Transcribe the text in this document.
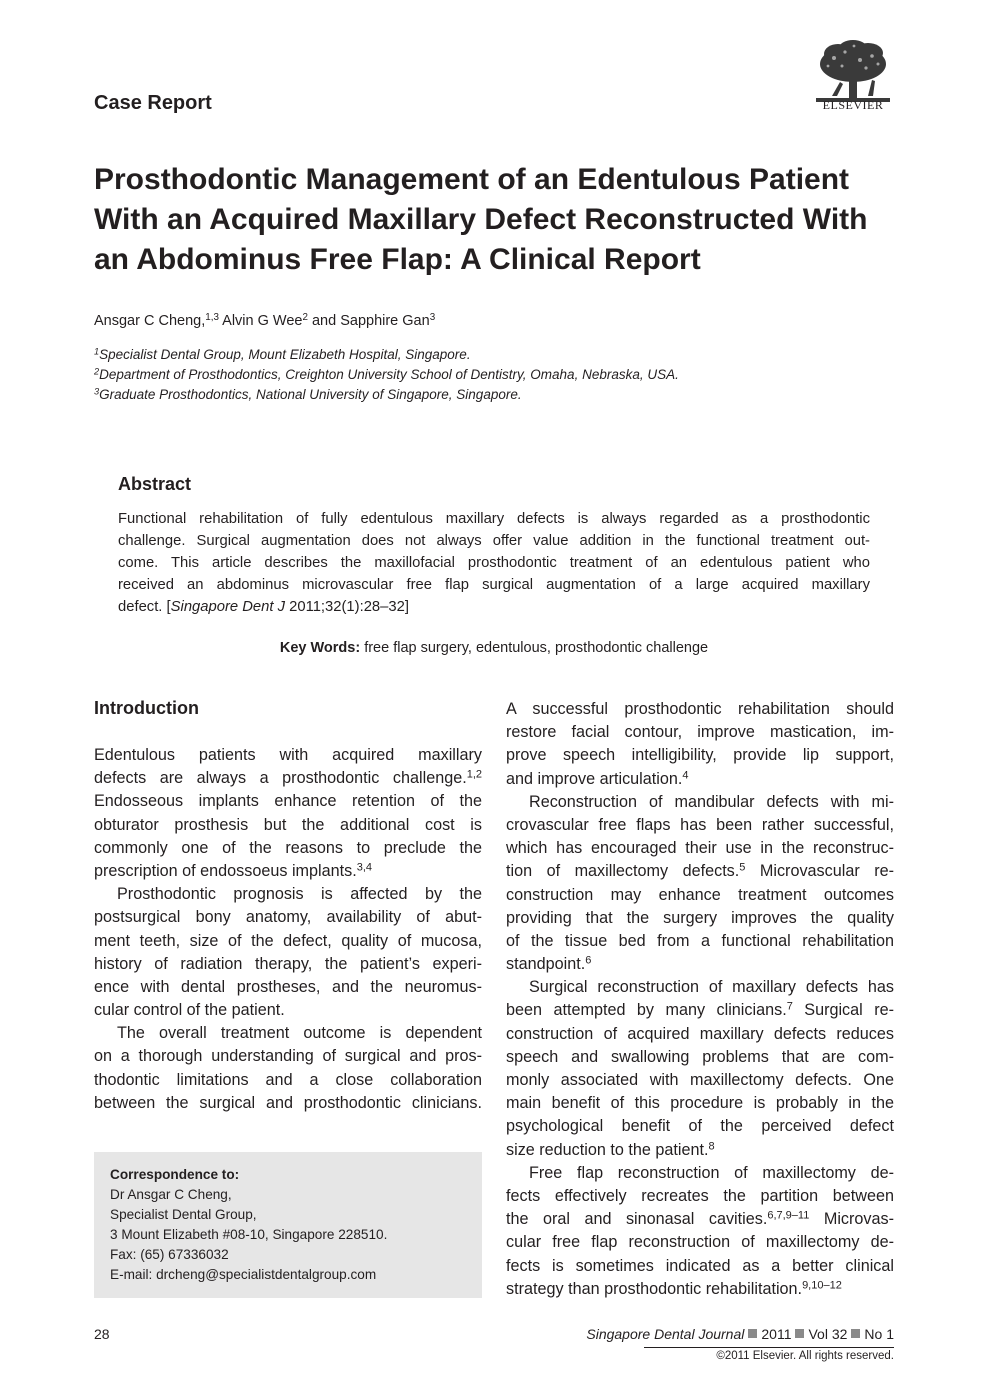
Case Report	ELSEVIER
Prosthodontic Management of an Edentulous Patient
With an Acquired Maxillary Defect Reconstructed With
an Abdominus Free Flap: A Clinical Report
Ansgar C Cheng,$^{1,3}$ Alvin G Wee$^2$ and Sapphire Gan$^3$
$^1$Specialist Dental Group, Mount Elizabeth Hospital, Singapore.
$^2$Department of Prosthodontics, Creighton University School of Dentistry, Omaha, Nebraska, USA.
$^3$Graduate Prosthodontics, National University of Singapore, Singapore.
Abstract
Functional rehabilitation of fully edentulous maxillary defects is always regarded as a prosthodontic
challenge. Surgical augmentation does not always offer value addition in the functional treatment out-
come. This article describes the maxillofacial prosthodontic treatment of an edentulous patient who
received an abdominus microvascular free flap surgical augmentation of a large acquired maxillary
defect. [Singapore Dent J 2011;32(1):28–32]
Key Words: free flap surgery, edentulous, prosthodontic challenge
Introduction
Edentulous patients with acquired maxillary
defects are always a prosthodontic challenge.$^{1,2}$
Endosseous implants enhance retention of the
obturator prosthesis but the additional cost is
commonly one of the reasons to preclude the
prescription of endossoeus implants.$^{3,4}$
Prosthodontic prognosis is affected by the
postsurgical bony anatomy, availability of abut-
ment teeth, size of the defect, quality of mucosa,
history of radiation therapy, the patient’s experi-
ence with dental prostheses, and the neuromus-
cular control of the patient.
The overall treatment outcome is dependent
on a thorough understanding of surgical and pros-
thodontic limitations and a close collaboration
between the surgical and prosthodontic clinicians.
Correspondence to:
Dr Ansgar C Cheng,
Specialist Dental Group,
3 Mount Elizabeth #08-10, Singapore 228510.
Fax: (65) 67336032
E-mail: drcheng@specialistdentalgroup.com
A successful prosthodontic rehabilitation should
restore facial contour, improve mastication, im-
prove speech intelligibility, provide lip support,
and improve articulation.$^4$
Reconstruction of mandibular defects with mi-
crovascular free flaps has been rather successful,
which has encouraged their use in the reconstruc-
tion of maxillectomy defects.$^5$ Microvascular re-
construction may enhance treatment outcomes
providing that the surgery improves the quality
of the tissue bed from a functional rehabilitation
standpoint.$^6$
Surgical reconstruction of maxillary defects has
been attempted by many clinicians.$^7$ Surgical re-
construction of acquired maxillary defects reduces
speech and swallowing problems that are com-
monly associated with maxillectomy defects. One
main benefit of this procedure is probably in the
psychological benefit of the perceived defect
size reduction to the patient.$^8$
Free flap reconstruction of maxillectomy de-
fects effectively recreates the partition between
the oral and sinonasal cavities.$^{6,7,9-11}$ Microvas-
cular free flap reconstruction of maxillectomy de-
fects is sometimes indicated as a better clinical
strategy than prosthodontic rehabilitation.$^{9,10-12}$
28	Singapore Dental Journal 2011 Vol 32 No 1
©2011 Elsevier. All rights reserved.
